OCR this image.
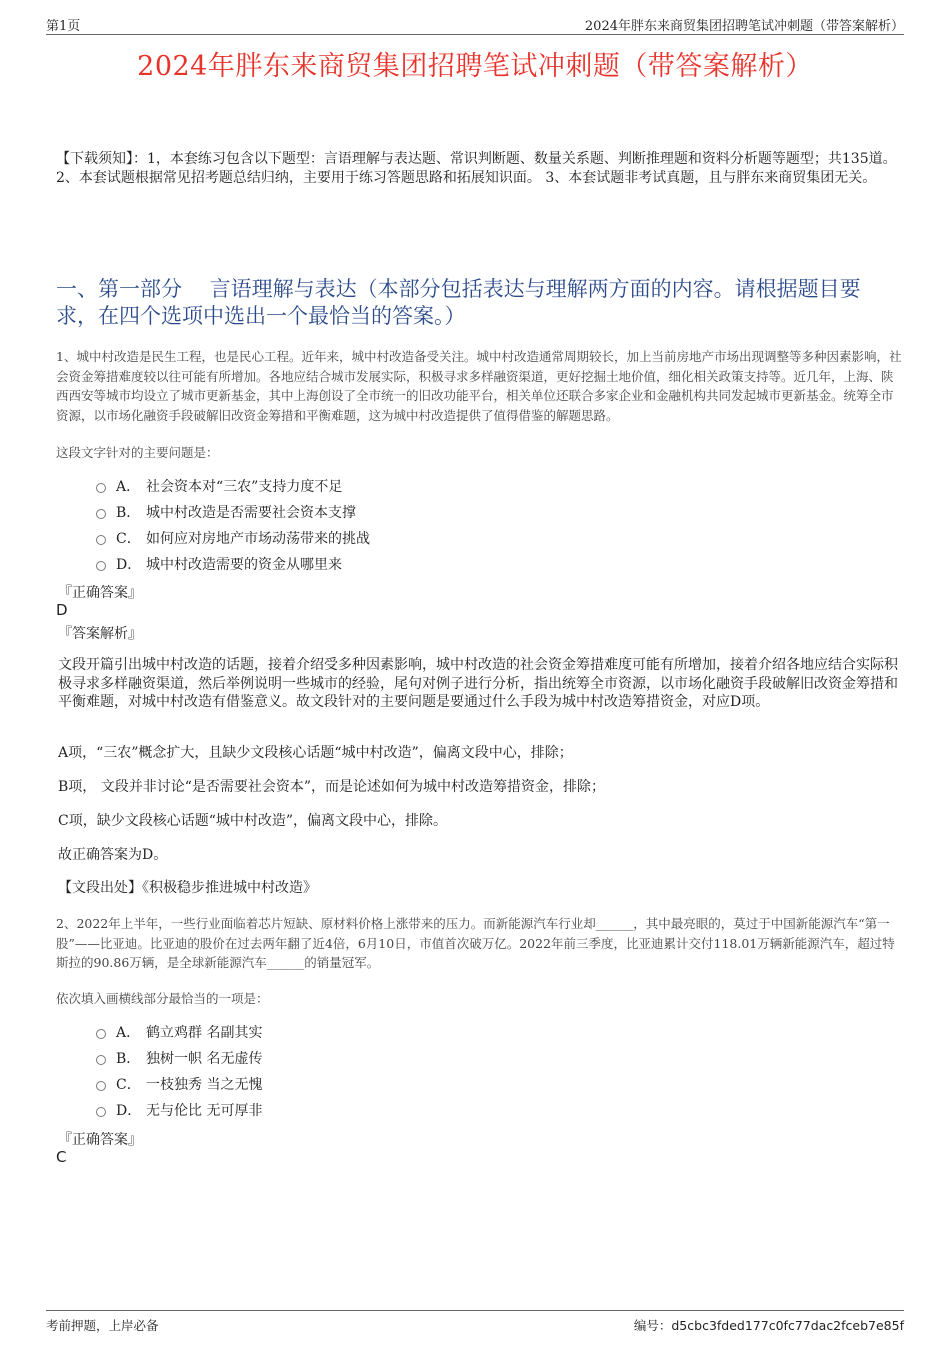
第1页	2024年胖东来商贸集团招聘笔试冲刺题（带答案解析）
2024年胖东来商贸集团招聘笔试冲刺题（带答案解析）
【下载须知】：1，本套练习包含以下题型：言语理解与表达题、常识判断题、数量关系题、判断推理题和资料分析题等题型；共135道。 2、本套试题根据常见招考题总结归纳，主要用于练习答题思路和拓展知识面。 3、本套试题非考试真题，且与胖东来商贸集团无关。
一、第一部分　 言语理解与表达（本部分包括表达与理解两方面的内容。请根据题目要求，在四个选项中选出一个最恰当的答案。）
1、城中村改造是民生工程，也是民心工程。近年来，城中村改造备受关注。城中村改造通常周期较长，加上当前房地产市场出现调整等多种因素影响，社会资金筹措难度较以往可能有所增加。各地应结合城市发展实际，积极寻求多样融资渠道，更好挖掘土地价值，细化相关政策支持等。近几年，上海、陕西西安等城市均设立了城市更新基金，其中上海创设了全市统一的旧改功能平台，相关单位还联合多家企业和金融机构共同发起城市更新基金。统筹全市资源，以市场化融资手段破解旧改资金筹措和平衡难题，这为城中村改造提供了值得借鉴的解题思路。
这段文字针对的主要问题是：
A． 社会资本对“三农”支持力度不足
B． 城中村改造是否需要社会资本支撑
C． 如何应对房地产市场动荡带来的挑战
D． 城中村改造需要的资金从哪里来
『正确答案』
D
『答案解析』
文段开篇引出城中村改造的话题，接着介绍受多种因素影响，城中村改造的社会资金筹措难度可能有所增加，接着介绍各地应结合实际积极寻求多样融资渠道，然后举例说明一些城市的经验，尾句对例子进行分析，指出统筹全市资源，以市场化融资手段破解旧改资金筹措和平衡难题，对城中村改造有借鉴意义。故文段针对的主要问题是要通过什么手段为城中村改造筹措资金，对应D项。
A项，“三农”概念扩大，且缺少文段核心话题“城中村改造”，偏离文段中心，排除；
B项， 文段并非讨论“是否需要社会资本”，而是论述如何为城中村改造筹措资金，排除；
C项，缺少文段核心话题“城中村改造”，偏离文段中心，排除。
故正确答案为D。
【文段出处】《积极稳步推进城中村改造》
2、2022年上半年，一些行业面临着芯片短缺、原材料价格上涨带来的压力。而新能源汽车行业却______，其中最亮眼的，莫过于中国新能源汽车“第一股”——比亚迪。比亚迪的股价在过去两年翻了近4倍，6月10日，市值首次破万亿。2022年前三季度，比亚迪累计交付118.01万辆新能源汽车，超过特斯拉的90.86万辆，是全球新能源汽车______的销量冠军。
依次填入画横线部分最恰当的一项是：
A． 鹤立鸡群 名副其实
B． 独树一帜 名无虚传
C． 一枝独秀 当之无愧
D． 无与伦比 无可厚非
『正确答案』
C
考前押题，上岸必备	编号：d5cbc3fded177c0fc77dac2fceb7e85f
